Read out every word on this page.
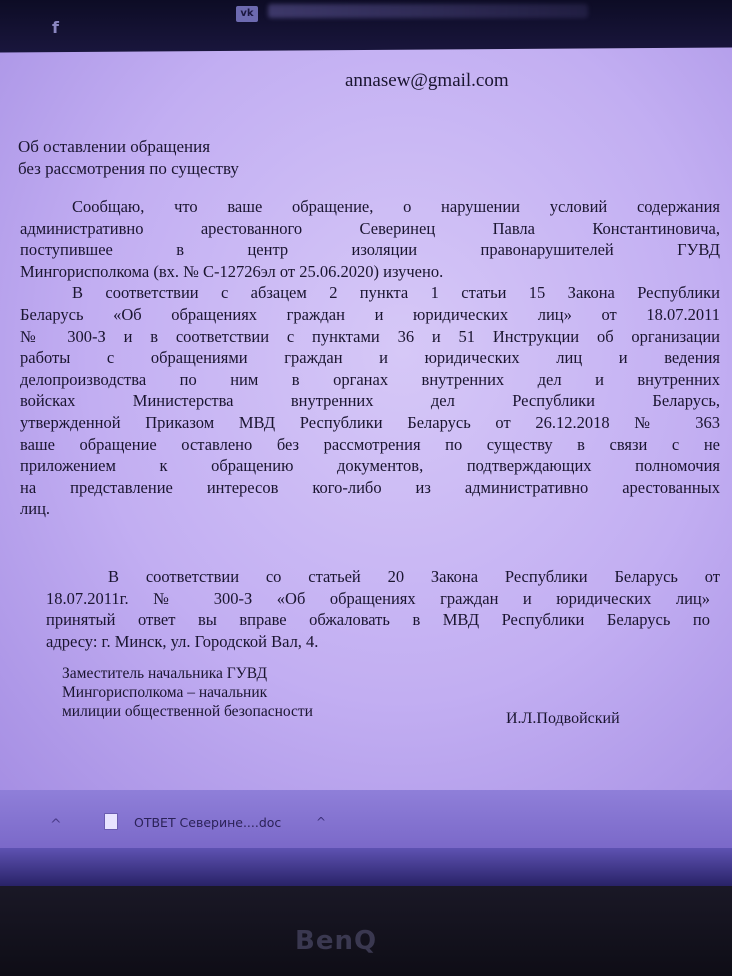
f
vk
annasew@gmail.com
Об оставлении обращения
без рассмотрения по существу
Сообщаю, что ваше обращение, о нарушении условий содержания
административно арестованного Северинец Павла Константиновича,
поступившее в центр изоляции правонарушителей ГУВД
Мингорисполкома (вх. № С-12726эл от 25.06.2020) изучено.
В соответствии с абзацем 2 пункта 1 статьи 15 Закона Республики
Беларусь «Об обращениях граждан и юридических лиц» от 18.07.2011
№ 300-З и в соответствии с пунктами 36 и 51 Инструкции об организации
работы с обращениями граждан и юридических лиц и ведения
делопроизводства по ним в органах внутренних дел и внутренних
войсках Министерства внутренних дел Республики Беларусь,
утвержденной Приказом МВД Республики Беларусь от 26.12.2018 № 363
ваше обращение оставлено без рассмотрения по существу в связи с не
приложением к обращению документов, подтверждающих полномочия
на представление интересов кого-либо из административно арестованных
лиц.
В соответствии со статьей 20 Закона Республики Беларусь от
18.07.2011г. № 300-З «Об обращениях граждан и юридических лиц»
принятый ответ вы вправе обжаловать в МВД Республики Беларусь по
адресу: г. Минск, ул. Городской Вал, 4.
Заместитель начальника ГУВД
Мингорисполкома – начальник
милиции общественной безопасности	И.Л.Подвойский
^	ОТВЕТ Северине....doc	^
BenQ
